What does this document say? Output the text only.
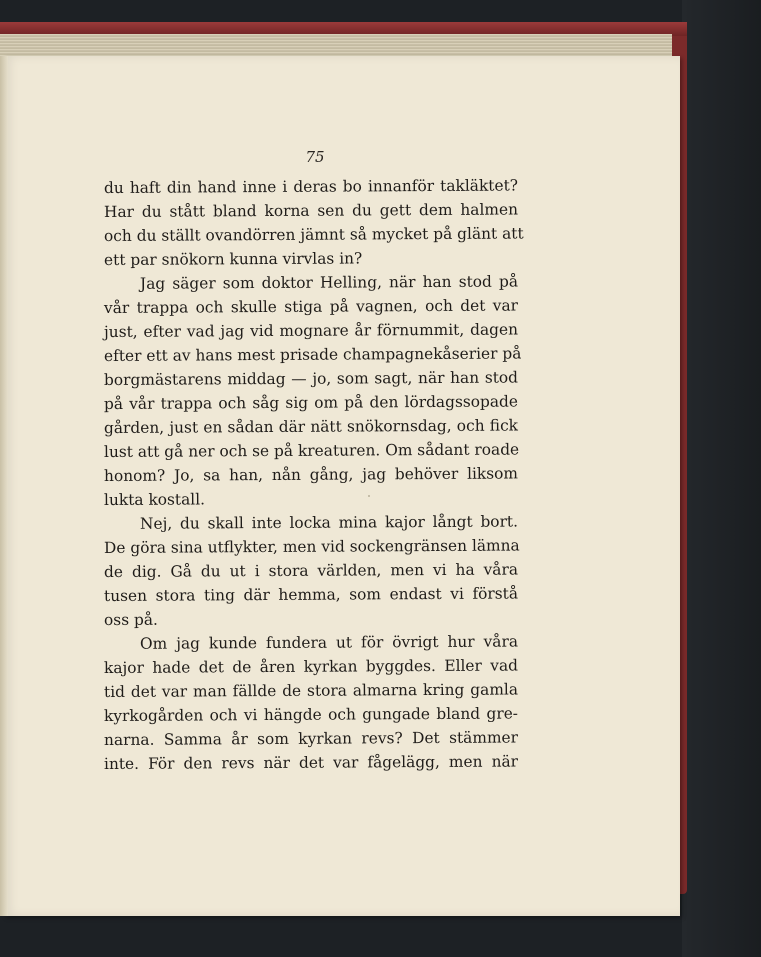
75
du haft din hand inne i deras bo innanför takläktet?
Har du stått bland korna sen du gett dem halmen
och du ställt ovandörren jämnt så mycket på glänt att
ett par snökorn kunna virvlas in?
Jag säger som doktor Helling, när han stod på
vår trappa och skulle stiga på vagnen, och det var
just, efter vad jag vid mognare år förnummit, dagen
efter ett av hans mest prisade champagnekåserier på
borgmästarens middag — jo, som sagt, när han stod
på vår trappa och såg sig om på den lördagssopade
gården, just en sådan där nätt snökornsdag, och fick
lust att gå ner och se på kreaturen. Om sådant roade
honom? Jo, sa han, nån gång, jag behöver liksom
lukta kostall.
Nej, du skall inte locka mina kajor långt bort.
De göra sina utflykter, men vid sockengränsen lämna
de dig. Gå du ut i stora världen, men vi ha våra
tusen stora ting där hemma, som endast vi förstå
oss på.
Om jag kunde fundera ut för övrigt hur våra
kajor hade det de åren kyrkan byggdes. Eller vad
tid det var man fällde de stora almarna kring gamla
kyrkogården och vi hängde och gungade bland gre-
narna. Samma år som kyrkan revs? Det stämmer
inte. För den revs när det var fågelägg, men när
